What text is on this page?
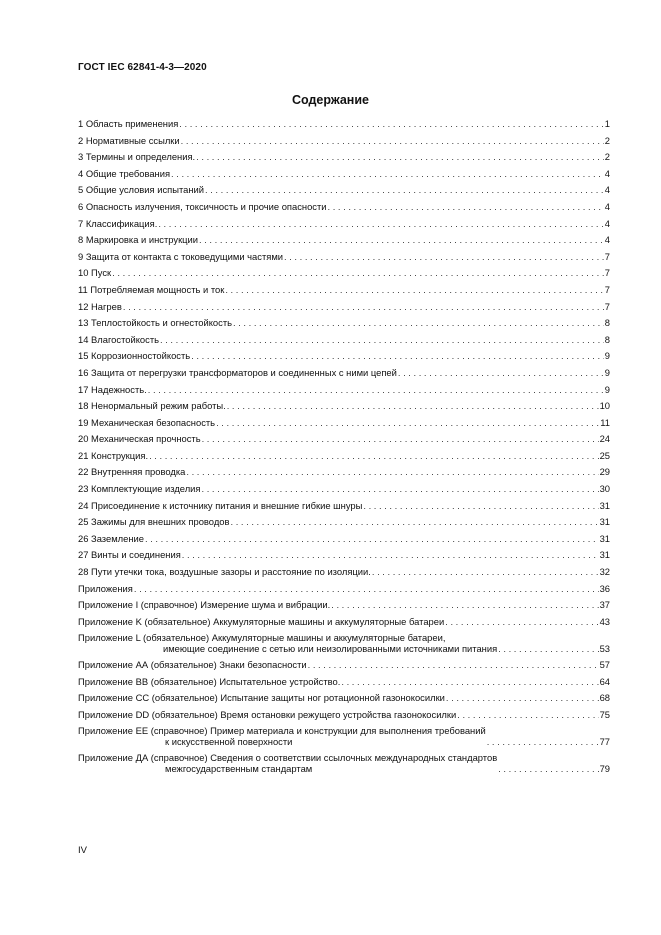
ГОСТ IEC 62841-4-3—2020
Содержание
1 Область применения . . .	1
2 Нормативные ссылки . . .	2
3 Термины и определения. . . .	2
4 Общие требования . . .	4
5 Общие условия испытаний . . .	4
6 Опасность излучения, токсичность и прочие опасности . . .	4
7 Классификация. . . .	4
8 Маркировка и инструкции . . .	4
9 Защита от контакта с токоведущими частями . . .	7
10 Пуск . . .	7
11 Потребляемая мощность и ток . . .	7
12 Нагрев . . .	7
13 Теплостойкость и огнестойкость . . .	8
14 Влагостойкость . . .	8
15 Коррозионностойкость . . .	9
16 Защита от перегрузки трансформаторов и соединенных с ними цепей . . .	9
17 Надежность. . . .	9
18 Ненормальный режим работы. . . .	10
19 Механическая безопасность . . .	11
20 Механическая прочность . . .	24
21 Конструкция. . . .	25
22 Внутренняя проводка . . .	29
23 Комплектующие изделия . . .	30
24 Присоединение к источнику питания и внешние гибкие шнуры . . .	31
25 Зажимы для внешних проводов . . .	31
26 Заземление . . .	31
27 Винты и соединения . . .	31
28 Пути утечки тока, воздушные зазоры и расстояние по изоляции. . . .	32
Приложения . . .	36
Приложение I (справочное) Измерение шума и вибрации. . . .	37
Приложение K (обязательное) Аккумуляторные машины и аккумуляторные батареи . . .	43
Приложение L (обязательное) Аккумуляторные машины и аккумуляторные батареи,
имеющие соединение с сетью или неизолированными источниками питания . . .	53
Приложение АА (обязательное) Знаки безопасности . . .	57
Приложение ВВ (обязательное) Испытательное устройство. . . .	64
Приложение СС (обязательное) Испытание защиты ног ротационной газонокосилки . . .	68
Приложение DD (обязательное) Время остановки режущего устройства газонокосилки . . .	75
Приложение ЕЕ (справочное) Пример материала и конструкции для выполнения требований
к искусственной поверхности . . .	77
Приложение ДА (справочное) Сведения о соответствии ссылочных международных стандартов
межгосударственным стандартам . . .	79
IV
